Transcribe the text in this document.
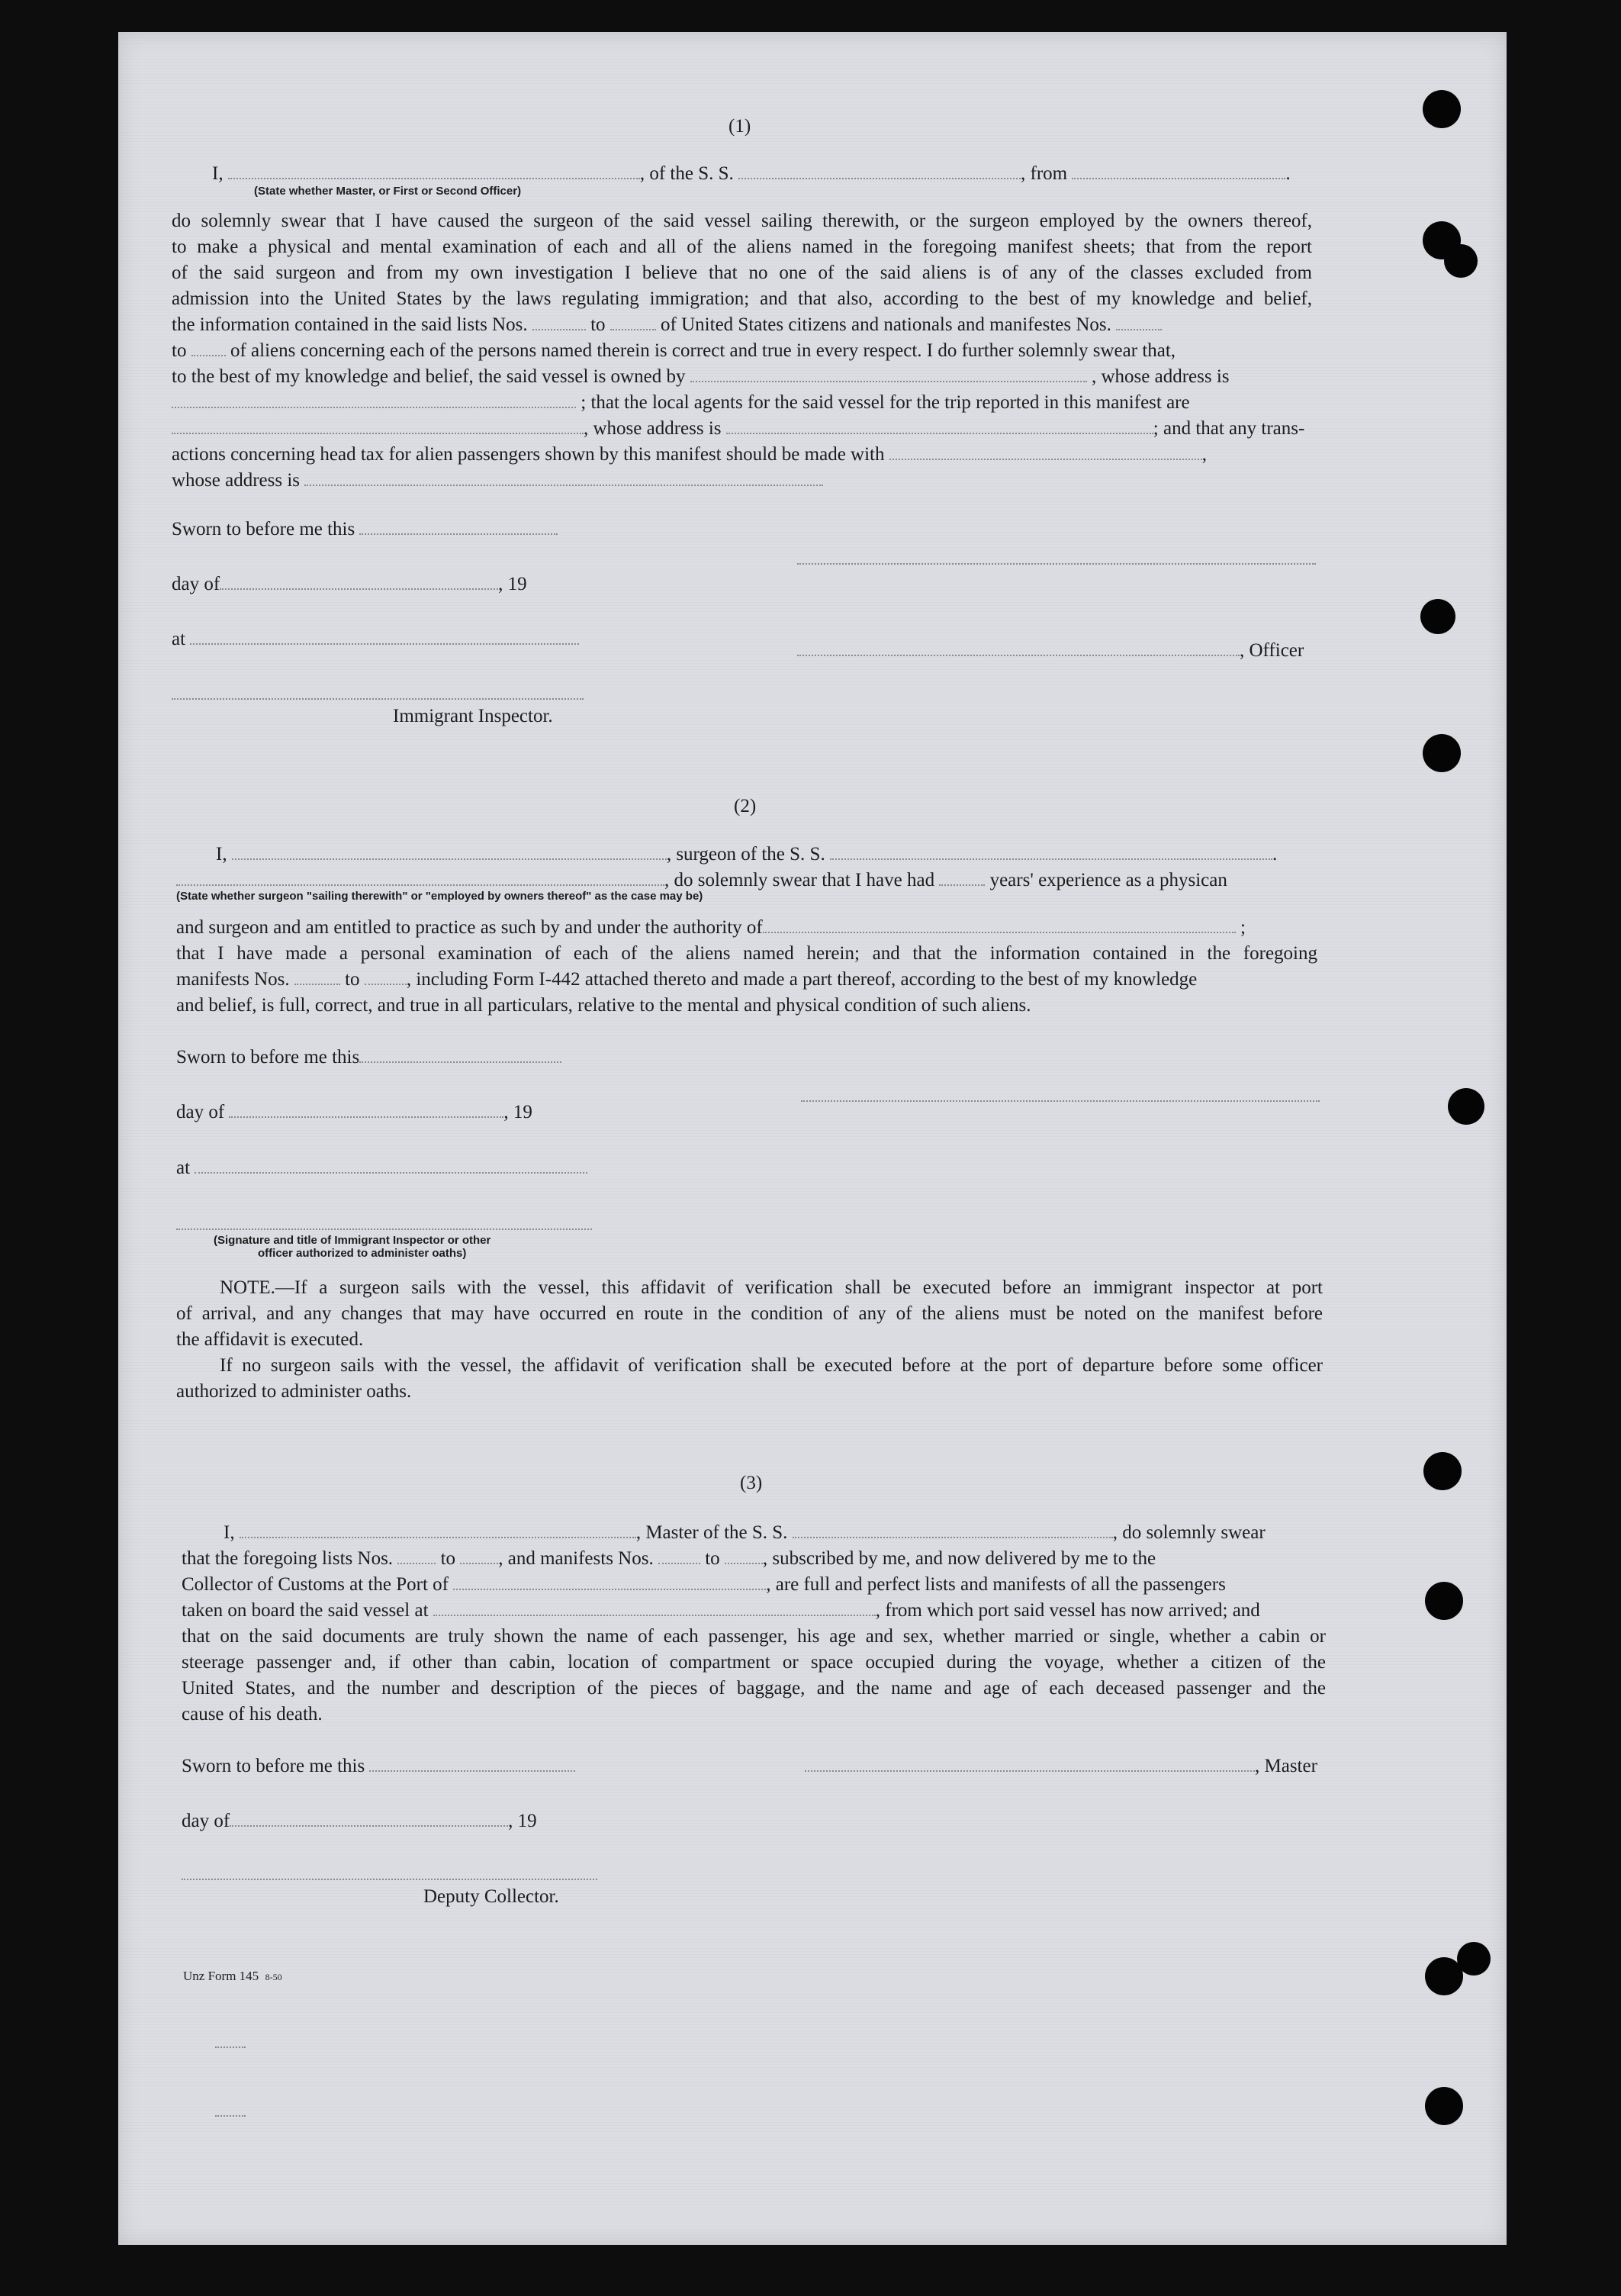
(1)
I,	, of the S. S.	, from	.
(State whether Master, or First or Second Officer)
do solemnly swear that I have caused the surgeon of the said vessel sailing therewith, or the surgeon employed by the owners thereof,
to make a physical and mental examination of each and all of the aliens named in the foregoing manifest sheets; that from the report
of the said surgeon and from my own investigation I believe that no one of the said aliens is of any of the classes excluded from
admission into the United States by the laws regulating immigration; and that also, according to the best of my knowledge and belief,
the information contained in the said lists Nos.	to	of United States citizens and nationals and manifestes Nos.
to of aliens concerning each of the persons named therein is correct and true in every respect. I do further solemnly swear that,
to the best of my knowledge and belief, the said vessel is owned by	, whose address is
; that the local agents for the said vessel for the trip reported in this manifest are
, whose address is	; and that any trans-
actions concerning head tax for alien passengers shown by this manifest should be made with	,
whose address is
Sworn to before me this
day of	, 19
at
, Officer
Immigrant Inspector.
(2)
I,	, surgeon of the S. S.	.
, do solemnly swear that I have had	years' experience as a physican
(State whether surgeon "sailing therewith" or "employed by owners thereof" as the case may be)
and surgeon and am entitled to practice as such by and under the authority of	;
that I have made a personal examination of each of the aliens named herein; and that the information contained in the foregoing
manifests Nos.	to , including Form I-442 attached thereto and made a part thereof, according to the best of my knowledge
and belief, is full, correct, and true in all particulars, relative to the mental and physical condition of such aliens.
Sworn to before me this
day of	, 19
at
(Signature and title of Immigrant Inspector or other
officer authorized to administer oaths)
NOTE.—If a surgeon sails with the vessel, this affidavit of verification shall be executed before an immigrant inspector at port
of arrival, and any changes that may have occurred en route in the condition of any of the aliens must be noted on the manifest before
the affidavit is executed.
If no surgeon sails with the vessel, the affidavit of verification shall be executed before at the port of departure before some officer
authorized to administer oaths.
(3)
I,	, Master of the S. S.	, do solemnly swear
that the foregoing lists Nos.	to , and manifests Nos.	to , subscribed by me, and now delivered by me to the
Collector of Customs at the Port of	, are full and perfect lists and manifests of all the passengers
taken on board the said vessel at	, from which port said vessel has now arrived; and
that on the said documents are truly shown the name of each passenger, his age and sex, whether married or single, whether a cabin or
steerage passenger and, if other than cabin, location of compartment or space occupied during the voyage, whether a citizen of the
United States, and the number and description of the pieces of baggage, and the name and age of each deceased passenger and the
cause of his death.
Sworn to before me this	, Master
day of	, 19
Deputy Collector.
Unz Form 145 8-50
